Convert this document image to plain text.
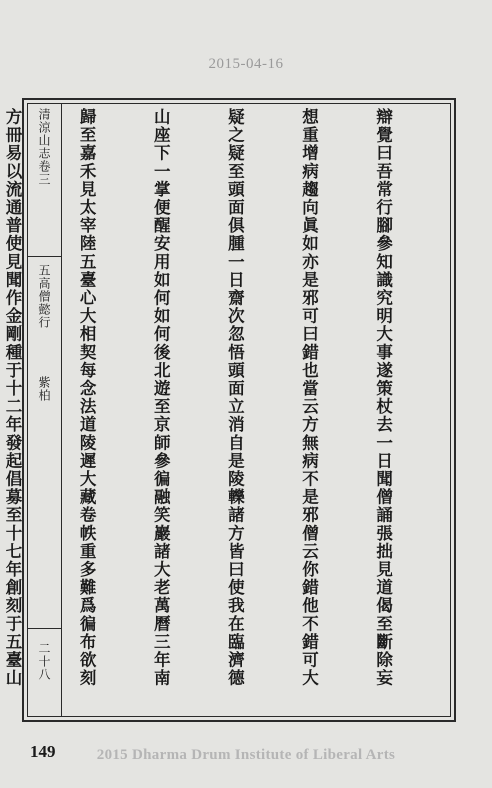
2015-04-16
清涼山志卷三
五高僧懿行
紫柏
二十八

	辯覺曰吾常行腳參知識究明大事遂策杖去一日聞僧誦張拙見道偈至斷除妄

想重增病趨向眞如亦是邪可曰錯也當云方無病不是邪僧云你錯他不錯可大

疑之疑至頭面俱腫一日齋次忽悟頭面立消自是陵轢諸方皆曰使我在臨濟德

山座下一掌便醒安用如何如何後北遊至京師參徧融笑巖諸大老萬曆三年南

歸至嘉禾見太宰陸五臺心大相契每念法道陵遲大藏卷帙重多難爲徧布欲刻

方冊易以流通普使見聞作金剛種于十二年發起倡募至十七年創刻于五臺山

149	2015 Dharma Drum Institute of Liberal Arts
